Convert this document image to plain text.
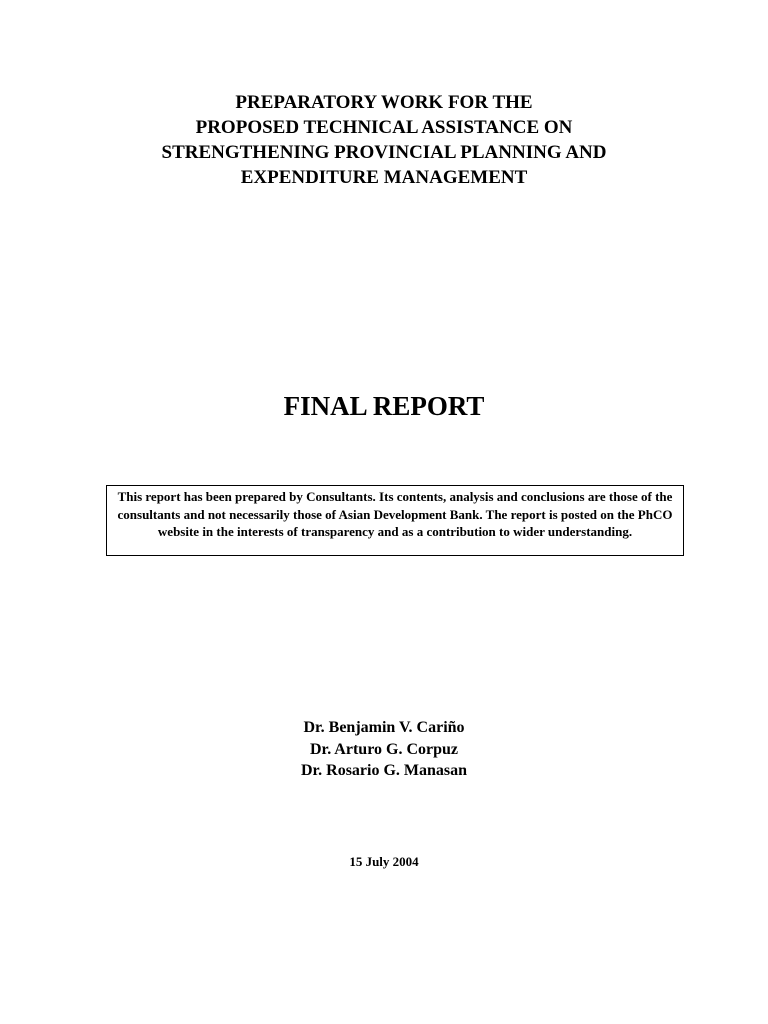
PREPARATORY WORK FOR THE
PROPOSED TECHNICAL ASSISTANCE ON
STRENGTHENING PROVINCIAL PLANNING AND
EXPENDITURE MANAGEMENT
FINAL REPORT
This report has been prepared by Consultants. Its contents, analysis and conclusions are those of the consultants and not necessarily those of Asian Development Bank. The report is posted on the PhCO website in the interests of transparency and as a contribution to wider understanding.
Dr. Benjamin V. Cariño
Dr. Arturo G. Corpuz
Dr. Rosario G. Manasan
15 July 2004
